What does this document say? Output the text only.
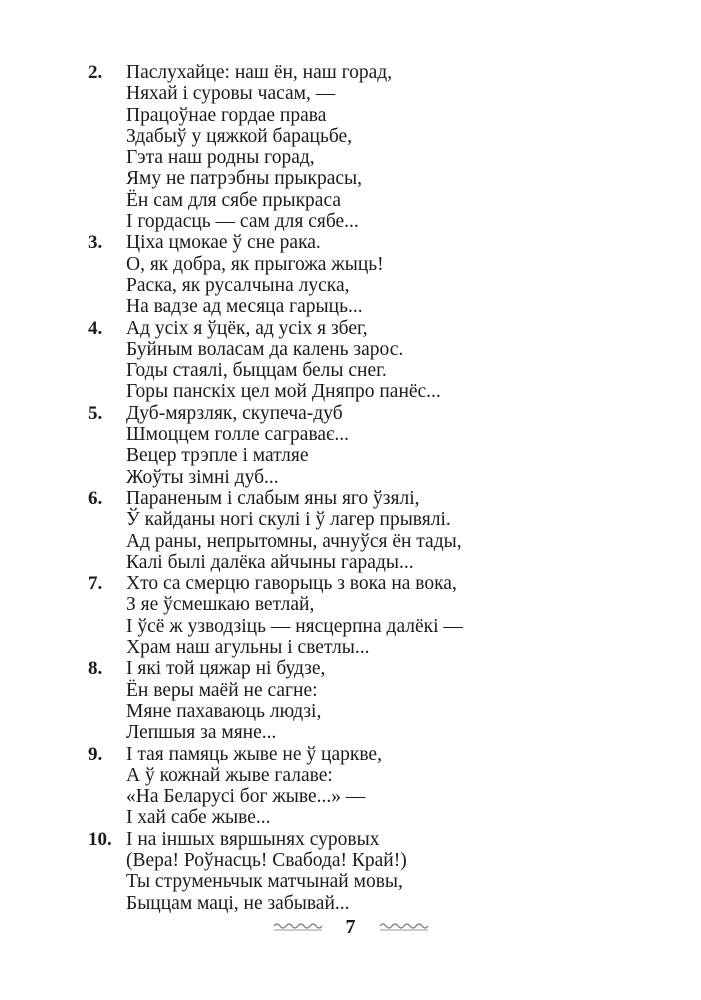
2.	Паслухайце: наш ён, наш горад,
Няхай і суровы часам, —
Працоўнае гордае права
Здабыў у цяжкой барацьбе,
Гэта наш родны горад,
Яму не патрэбны прыкрасы,
Ён сам для сябе прыкраса
І гордасць — сам для сябе...
3.	Ціха цмокае ў сне рака.
О, як добра, як прыгожа жыць!
Раска, як русалчына луска,
На вадзе ад месяца гарыць...
4.	Ад усіх я ўцёк, ад усіх я збег,
Буйным воласам да калень зарос.
Годы стаялі, быццам белы снег.
Горы панскіх цел мой Дняпро панёс...
5.	Дуб-мярзляк, скупеча-дуб
Шмоццем голле саграває...
Вецер трэпле і матляе
Жоўты зімні дуб...
6.	Параненым і слабым яны яго ўзялі,
Ў кайданы ногі скулі і ў лагер прывялі.
Ад раны, непрытомны, ачнуўся ён тады,
Калі былі далёка айчыны гарады...
7.	Хто са смерцю гаворыць з вока на вока,
З яе ўсмешкаю ветлай,
І ўсё ж узводзіць — нясцерпна далёкі —
Храм наш агульны і светлы...
8.	І які той цяжар ні будзе,
Ён веры маёй не сагне:
Мяне пахаваюць людзі,
Лепшыя за мяне...
9.	І тая памяць жыве не ў царкве,
А ў кожнай жыве галаве:
«На Беларусі бог жыве...» —
І хай сабе жыве...
10. І на іншых вяршынях суровых
(Вера! Роўнасць! Свабода! Край!)
Ты струменьчык матчынай мовы,
Быццам маці, не забывай...
7
